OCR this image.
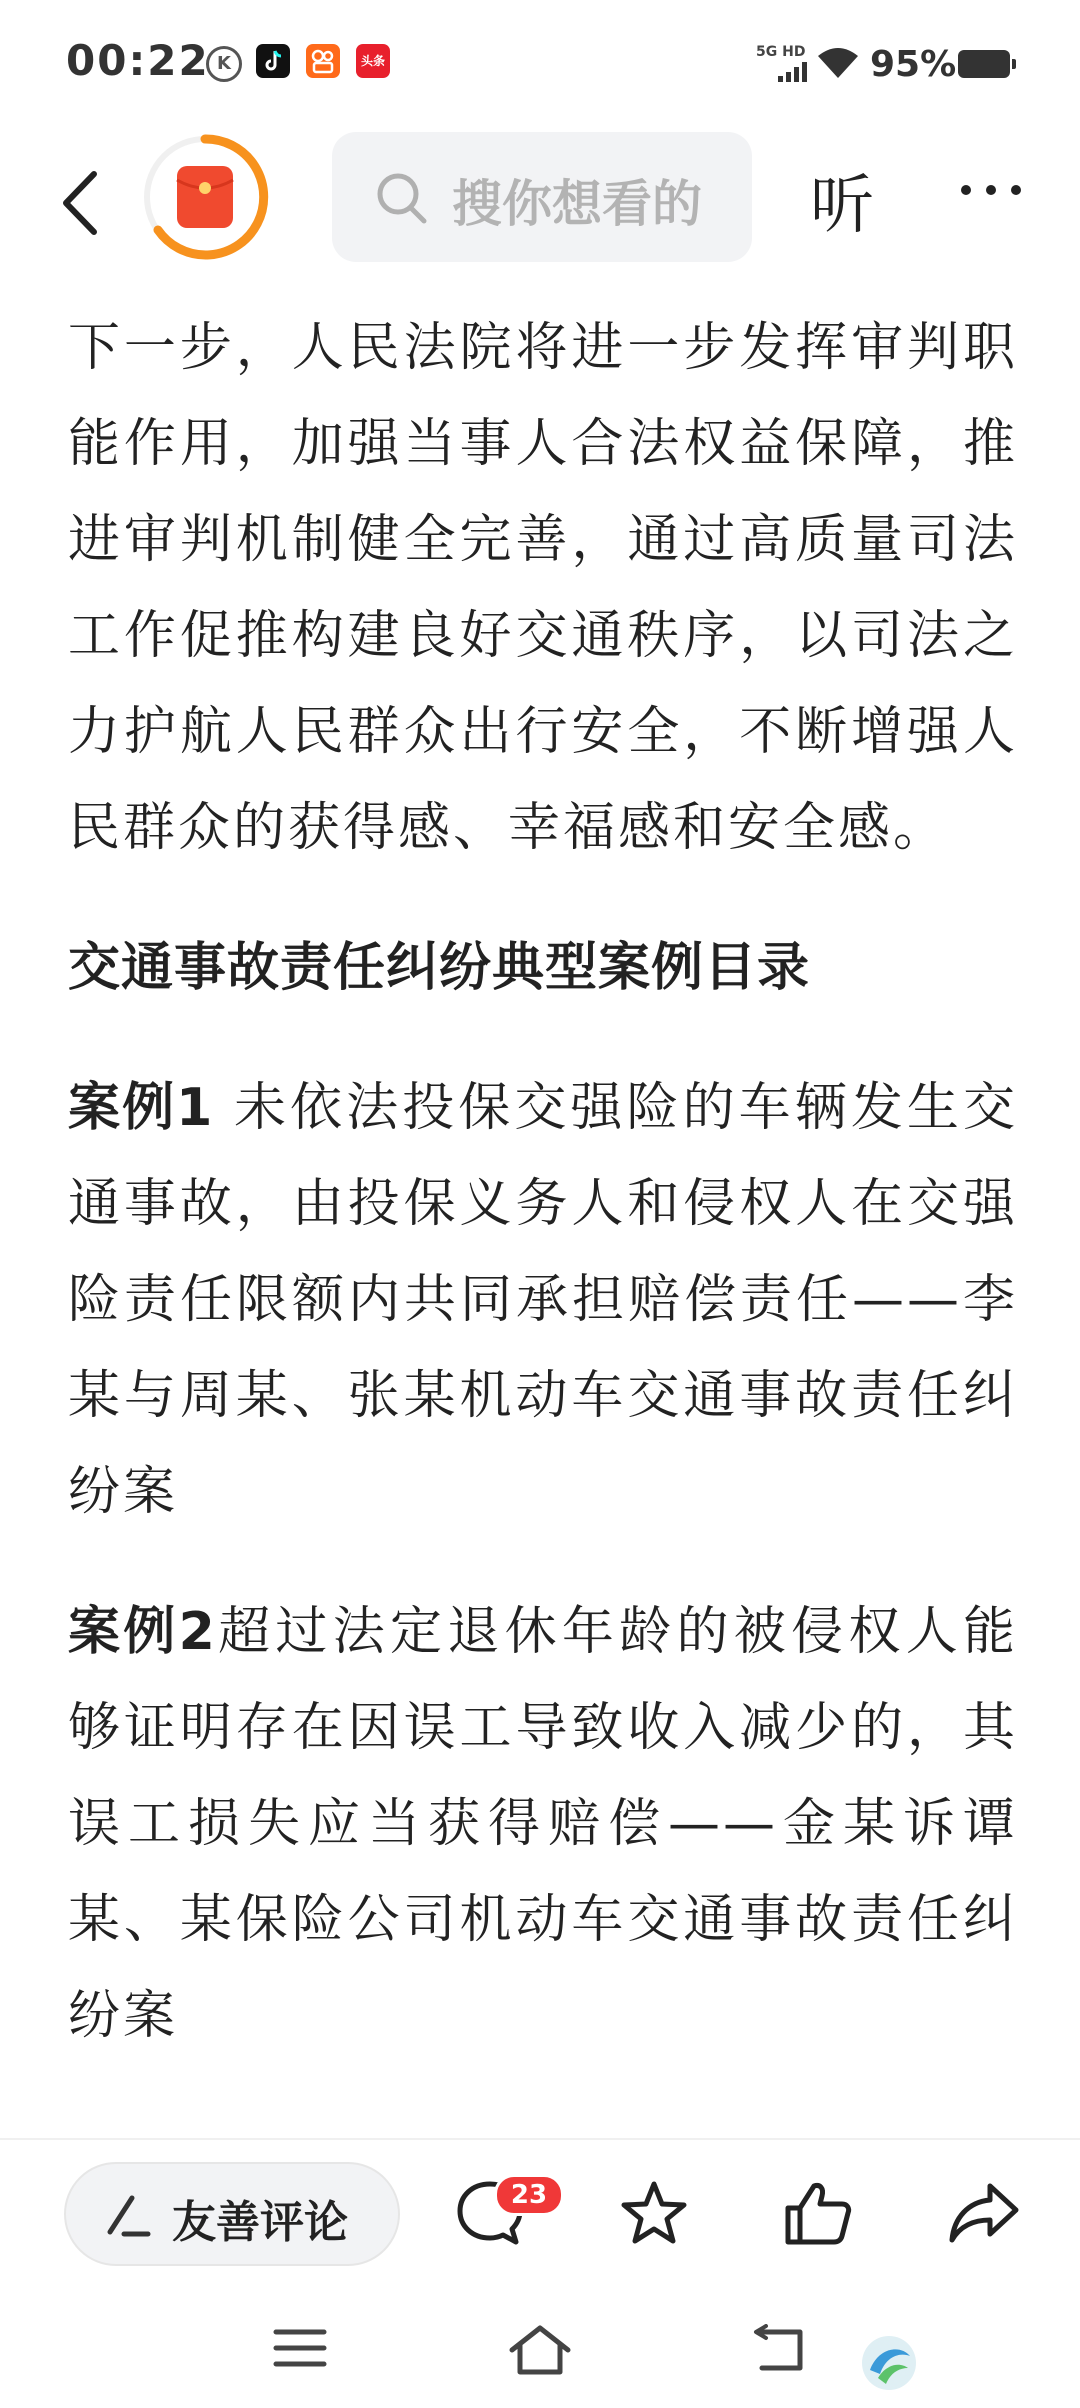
00:22 K	头条
5G HD 95%
搜你想看的 听

下一步，人民法院将进一步发挥审判职能作用，加强当事人合法权益保障，推进审判机制健全完善，通过高质量司法工作促推构建良好交通秩序，以司法之力护航人民群众出行安全，不断增强人民群众的获得感、幸福感和安全感。

交通事故责任纠纷典型案例目录

案例1 未依法投保交强险的车辆发生交通事故，由投保义务人和侵权人在交强险责任限额内共同承担赔偿责任——李某与周某、张某机动车交通事故责任纠纷案

案例2超过法定退休年龄的被侵权人能够证明存在因误工导致收入减少的，其误工损失应当获得赔偿——金某诉谭某、某保险公司机动车交通事故责任纠纷案

友善评论
23
